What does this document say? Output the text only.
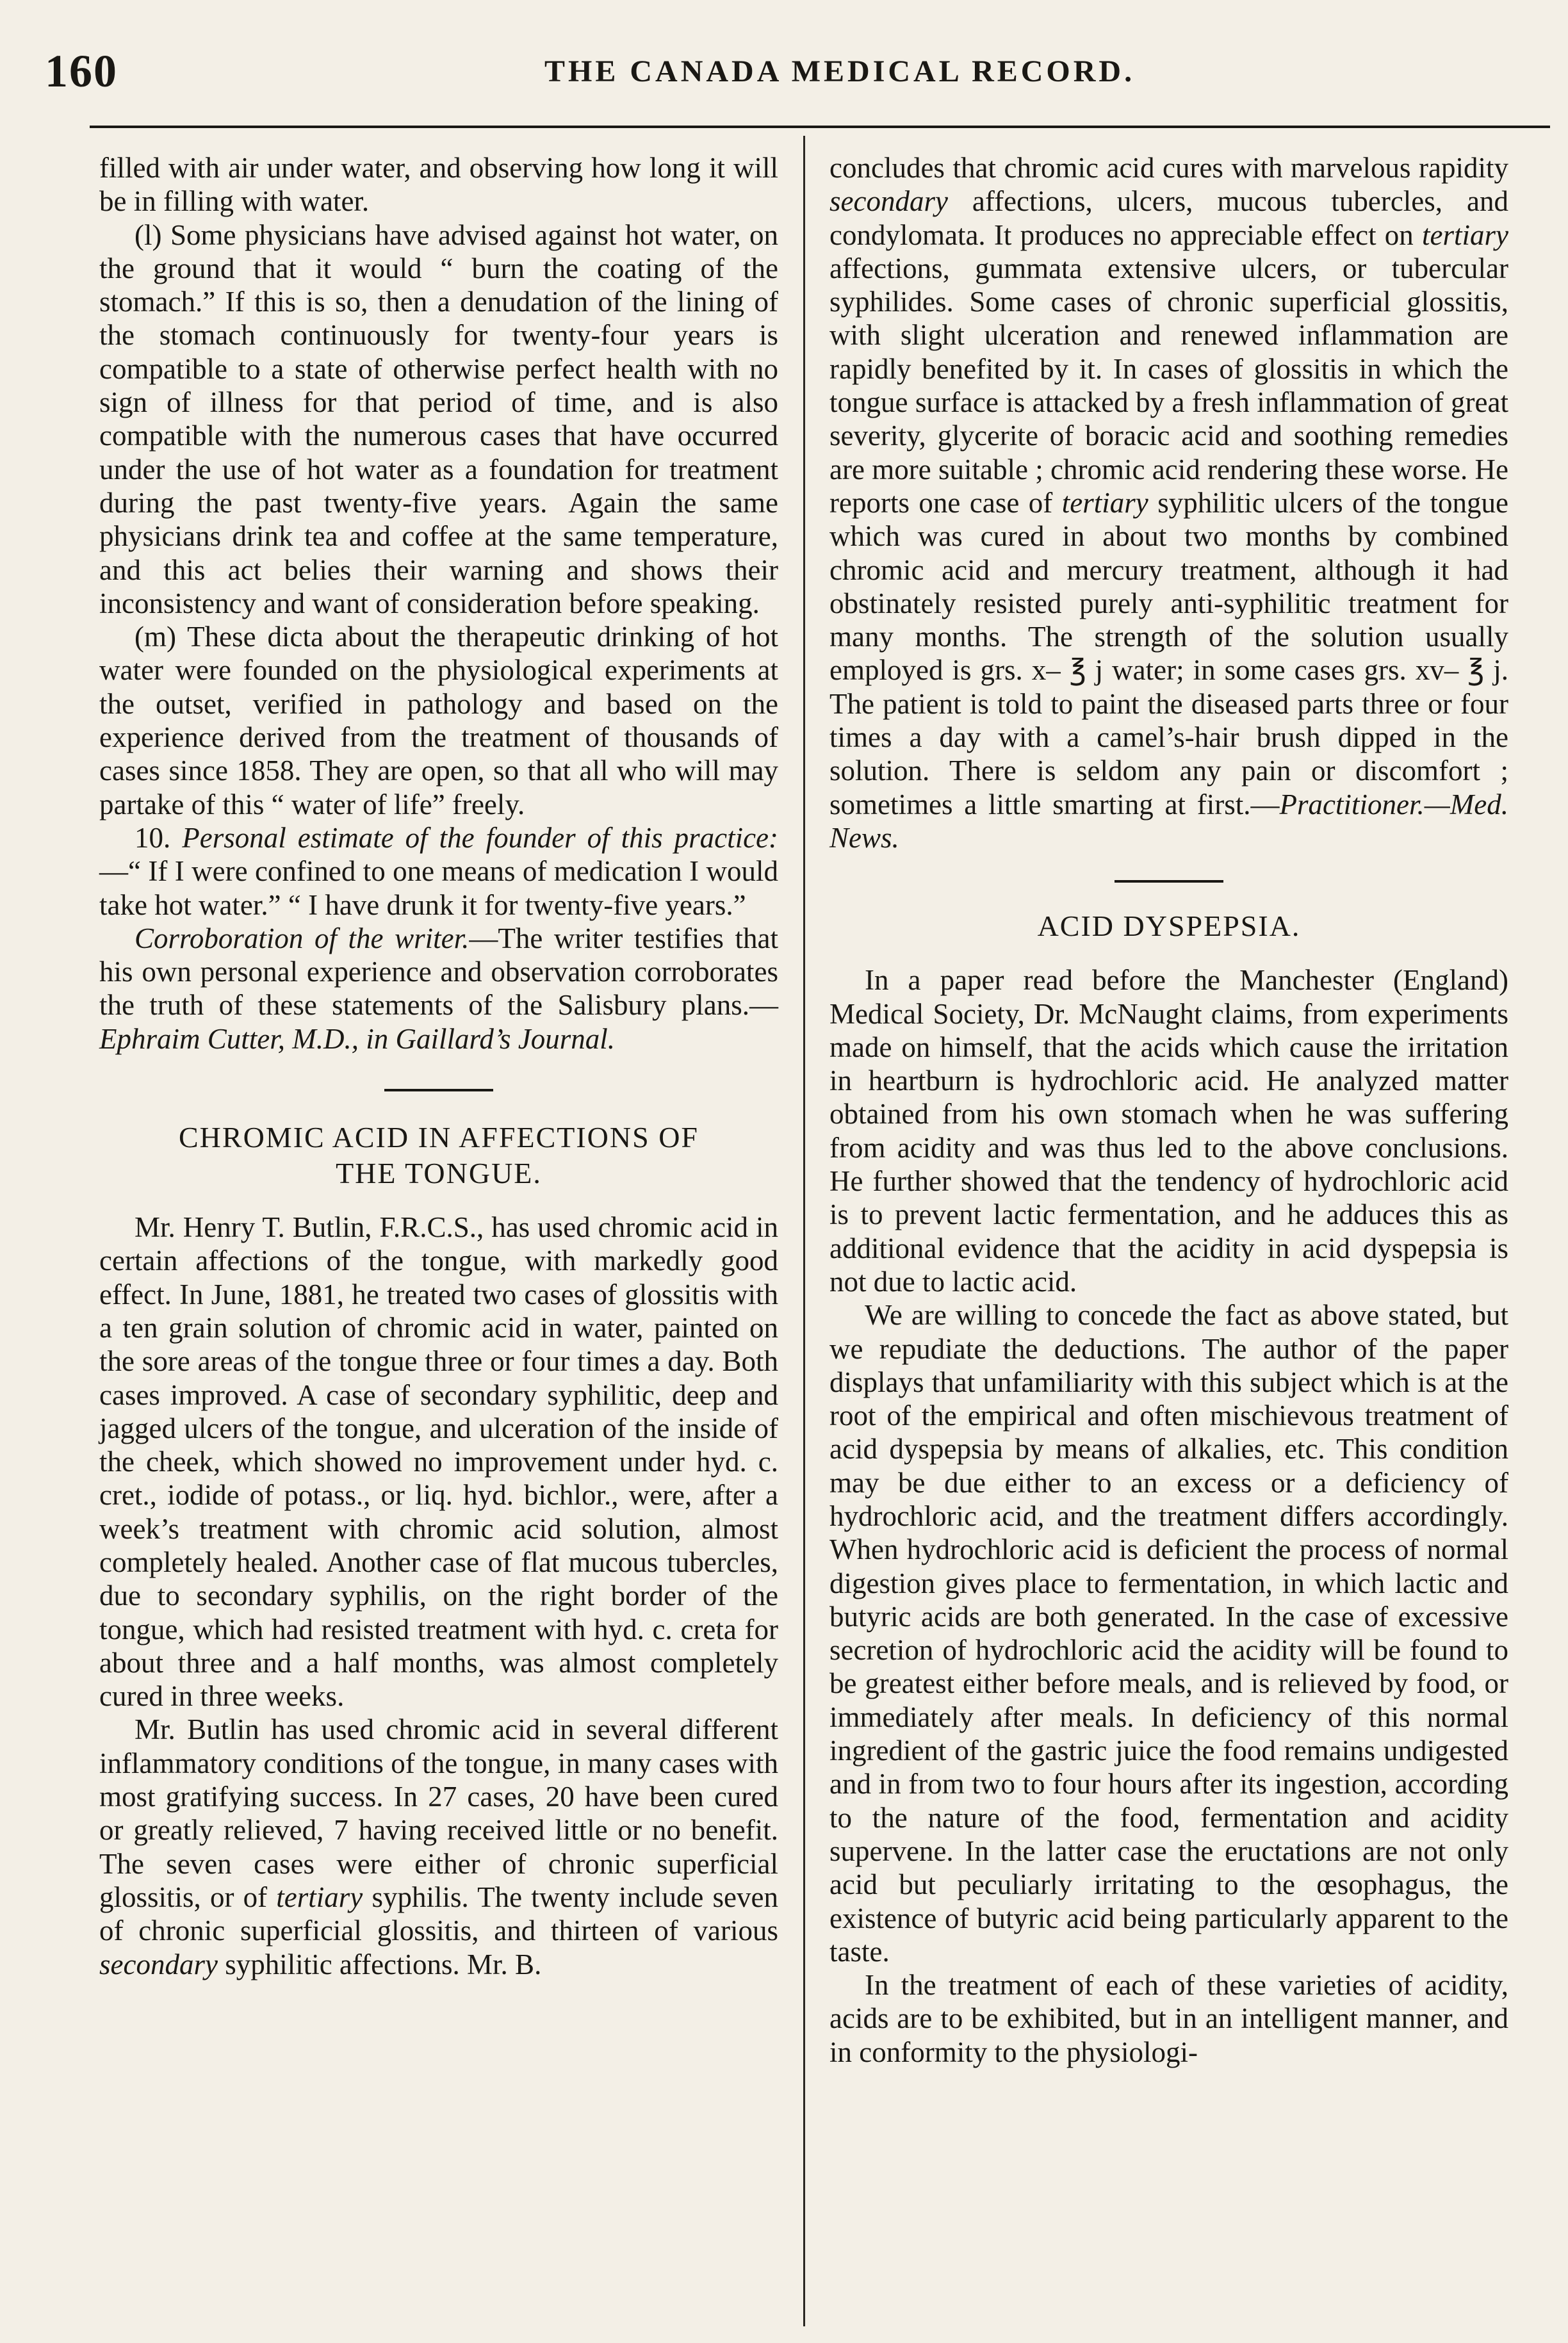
160	THE CANADA MEDICAL RECORD.

filled with air under water, and observing how long it will be in filling with water.

(l) Some physicians have advised against hot water, on the ground that it would “ burn the coating of the stomach.” If this is so, then a denudation of the lining of the stomach continuously for twenty-four years is compatible to a state of otherwise perfect health with no sign of illness for that period of time, and is also compatible with the numerous cases that have occurred under the use of hot water as a foundation for treatment during the past twenty-five years. Again the same physicians drink tea and coffee at the same temperature, and this act belies their warning and shows their inconsistency and want of consideration before speaking.

(m) These dicta about the therapeutic drinking of hot water were founded on the physiological experiments at the outset, verified in pathology and based on the experience derived from the treatment of thousands of cases since 1858. They are open, so that all who will may partake of this “ water of life” freely.

10. Personal estimate of the founder of this practice:—“ If I were confined to one means of medication I would take hot water.” “ I have drunk it for twenty-five years.”

Corroboration of the writer.—The writer testifies that his own personal experience and observation corroborates the truth of these statements of the Salisbury plans.—Ephraim Cutter, M.D., in Gaillard’s Journal.

CHROMIC ACID IN AFFECTIONS OF
THE TONGUE.

Mr. Henry T. Butlin, F.R.C.S., has used chromic acid in certain affections of the tongue, with markedly good effect. In June, 1881, he treated two cases of glossitis with a ten grain solution of chromic acid in water, painted on the sore areas of the tongue three or four times a day. Both cases improved. A case of secondary syphilitic, deep and jagged ulcers of the tongue, and ulceration of the inside of the cheek, which showed no improvement under hyd. c. cret., iodide of potass., or liq. hyd. bichlor., were, after a week’s treatment with chromic acid solution, almost completely healed. Another case of flat mucous tubercles, due to secondary syphilis, on the right border of the tongue, which had resisted treatment with hyd. c. creta for about three and a half months, was almost completely cured in three weeks.

Mr. Butlin has used chromic acid in several different inflammatory conditions of the tongue, in many cases with most gratifying success. In 27 cases, 20 have been cured or greatly relieved, 7 having received little or no benefit. The seven cases were either of chronic superficial glossitis, or of tertiary syphilis. The twenty include seven of chronic superficial glossitis, and thirteen of various secondary syphilitic affections. Mr. B.

concludes that chromic acid cures with marvelous rapidity secondary affections, ulcers, mucous tubercles, and condylomata. It produces no appreciable effect on tertiary affections, gummata extensive ulcers, or tubercular syphilides. Some cases of chronic superficial glossitis, with slight ulceration and renewed inflammation are rapidly benefited by it. In cases of glossitis in which the tongue surface is attacked by a fresh inflammation of great severity, glycerite of boracic acid and soothing remedies are more suitable ; chromic acid rendering these worse. He reports one case of tertiary syphilitic ulcers of the tongue which was cured in about two months by combined chromic acid and mercury treatment, although it had obstinately resisted purely anti-syphilitic treatment for many months. The strength of the solution usually employed is grs. x– ℥ j water; in some cases grs. xv– ℥ j. The patient is told to paint the diseased parts three or four times a day with a camel’s-hair brush dipped in the solution. There is seldom any pain or discomfort ; sometimes a little smarting at first.—Practitioner.—Med. News.

ACID DYSPEPSIA.

In a paper read before the Manchester (England) Medical Society, Dr. McNaught claims, from experiments made on himself, that the acids which cause the irritation in heartburn is hydrochloric acid. He analyzed matter obtained from his own stomach when he was suffering from acidity and was thus led to the above conclusions. He further showed that the tendency of hydrochloric acid is to prevent lactic fermentation, and he adduces this as additional evidence that the acidity in acid dyspepsia is not due to lactic acid.

We are willing to concede the fact as above stated, but we repudiate the deductions. The author of the paper displays that unfamiliarity with this subject which is at the root of the empirical and often mischievous treatment of acid dyspepsia by means of alkalies, etc. This condition may be due either to an excess or a deficiency of hydrochloric acid, and the treatment differs accordingly. When hydrochloric acid is deficient the process of normal digestion gives place to fermentation, in which lactic and butyric acids are both generated. In the case of excessive secretion of hydrochloric acid the acidity will be found to be greatest either before meals, and is relieved by food, or immediately after meals. In deficiency of this normal ingredient of the gastric juice the food remains undigested and in from two to four hours after its ingestion, according to the nature of the food, fermentation and acidity supervene. In the latter case the eructations are not only acid but peculiarly irritating to the œsophagus, the existence of butyric acid being particularly apparent to the taste.

In the treatment of each of these varieties of acidity, acids are to be exhibited, but in an intelligent manner, and in conformity to the physiologi-
